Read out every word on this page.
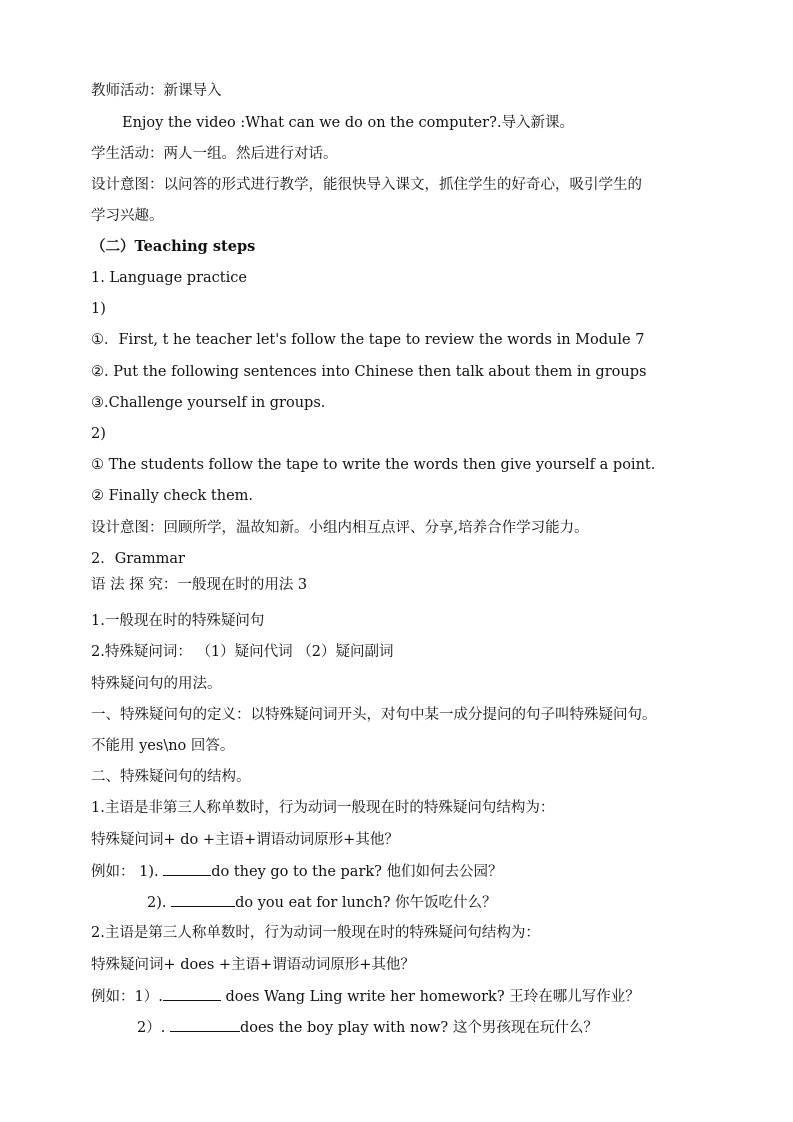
教师活动：新课导入
Enjoy the video :What can we do on the computer?.导入新课。
学生活动：两人一组。然后进行对话。
设计意图：以问答的形式进行教学，能很快导入课文，抓住学生的好奇心，吸引学生的
学习兴趣。
（二）Teaching steps
1. Language practice
1)
①．First, t he teacher let's follow the tape to review the words in Module 7
②. Put the following sentences into Chinese then talk about them in groups
③.Challenge yourself in groups.
2)
① The students follow the tape to write the words then give yourself a point.
② Finally check them.
设计意图：回顾所学，温故知新。小组内相互点评、分享,培养合作学习能力。
2．Grammar
语 法 探 究：一般现在时的用法 3
1.一般现在时的特殊疑问句
2.特殊疑问词： （1）疑问代词 （2）疑问副词
特殊疑问句的用法。
一、特殊疑问句的定义：以特殊疑问词开头，对句中某一成分提问的句子叫特殊疑问句。
不能用 yes\no 回答。
二、特殊疑问句的结构。
1.主语是非第三人称单数时，行为动词一般现在时的特殊疑问句结构为：
特殊疑问词+ do +主语+谓语动词原形+其他？
例如： 1).	do they go to the park? 他们如何去公园？
2).	do you eat for lunch? 你午饭吃什么？
2.主语是第三人称单数时，行为动词一般现在时的特殊疑问句结构为：
特殊疑问词+ does +主语+谓语动词原形+其他？
例如：1）.	does Wang Ling write her homework? 王玲在哪儿写作业？
2）.	does the boy play with now? 这个男孩现在玩什么？
